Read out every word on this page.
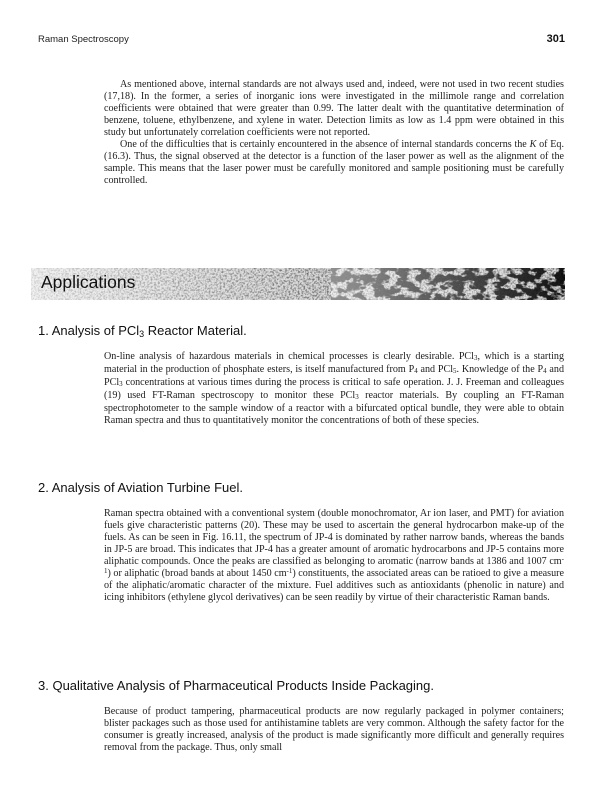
Raman Spectroscopy	301

As mentioned above, internal standards are not always used and, indeed, were not used in two recent studies (17,18). In the former, a series of inorganic ions were investigated in the millimole range and correlation coefficients were obtained that were greater than 0.99. The latter dealt with the quantitative determination of benzene, toluene, ethylbenzene, and xylene in water. Detection limits as low as 1.4 ppm were obtained in this study but unfortunately correlation coefficients were not reported.

One of the difficulties that is certainly encountered in the absence of internal standards concerns the K of Eq. (16.3). Thus, the signal observed at the detector is a function of the laser power as well as the alignment of the sample. This means that the laser power must be carefully monitored and sample positioning must be carefully controlled.

Applications
1. Analysis of PCl$_3$ Reactor Material.

On-line analysis of hazardous materials in chemical processes is clearly desirable. PCl$_3$, which is a starting material in the production of phosphate esters, is itself manufactured from $P_4$ and PCl$_5$. Knowledge of the $P_4$ and PCl$_3$ concentrations at various times during the process is critical to safe operation. J. J. Freeman and colleagues (19) used FT-Raman spectroscopy to monitor these PCl$_3$ reactor materials. By coupling an FT-Raman spectrophotometer to the sample window of a reactor with a bifurcated optical bundle, they were able to obtain Raman spectra and thus to quantitatively monitor the concentrations of both of these species.

2. Analysis of Aviation Turbine Fuel.

Raman spectra obtained with a conventional system (double monochromator, Ar ion laser, and PMT) for aviation fuels give characteristic patterns (20). These may be used to ascertain the general hydrocarbon make-up of the fuels. As can be seen in Fig. 16.11, the spectrum of JP-4 is dominated by rather narrow bands, whereas the bands in JP-5 are broad. This indicates that JP-4 has a greater amount of aromatic hydrocarbons and JP-5 contains more aliphatic compounds. Once the peaks are classified as belonging to aromatic (narrow bands at 1386 and 1007 $cm^{-1}$) or aliphatic (broad bands at about 1450 $cm^{-1}$) constituents, the associated areas can be ratioed to give a measure of the aliphatic/aromatic character of the mixture. Fuel additives such as antioxidants (phenolic in nature) and icing inhibitors (ethylene glycol derivatives) can be seen readily by virtue of their characteristic Raman bands.

3. Qualitative Analysis of Pharmaceutical Products Inside Packaging.

Because of product tampering, pharmaceutical products are now regularly packaged in polymer containers; blister packages such as those used for antihistamine tablets are very common. Although the safety factor for the consumer is greatly increased, analysis of the product is made significantly more difficult and generally requires removal from the package. Thus, only small
